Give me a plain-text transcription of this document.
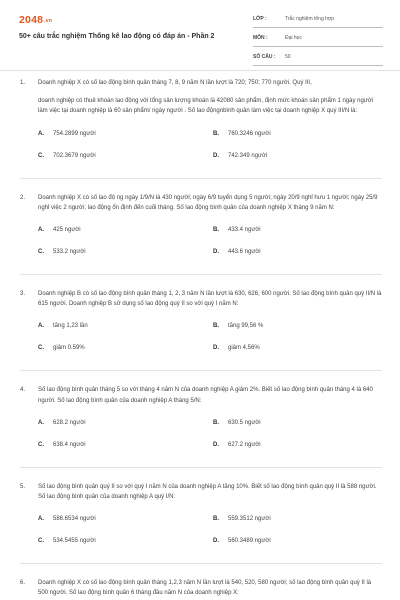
2048.vn
50+ câu trắc nghiệm Thống kê lao động có đáp án - Phần 2
LỚP :	Trắc nghiệm tổng hợp
MÔN :	Đại học
SỐ CÂU : 50
1. Doanh nghiệp X có số lao động bình quân tháng 7, 8, 9 năm N lần lượt là 720; 750; 770 người. Quý III,

doanh nghiệp có thuê khoán lao động với tổng sản lượng khoán là 42080 sản phẩm, định mức khoán sản phẩm 1 ngày người làm việc tại doanh nghiệp là 60 sản phẩm/ ngày người . Số lao độngnbình quân làm việc tại doanh nghiệp X quý III/N là:

A. 754.2899 người	B. 760.3246 người
C. 702.3679 người	D. 742.349 người
2. Doanh nghiệp X có số lao độ ng ngày 1/9/N là 430 người; ngày 6/9 tuyển dụng 5 người; ngày 20/9 nghỉ hưu 1 người; ngày 25/9 nghỉ việc 2 người; lao động ổn định đến cuối tháng. Số lao động bình quân của doanh nghiệp X tháng 9 năm N:

A. 425 người	B. 433.4 người
C. 533.2 người	D. 443.6 người
3. Doanh nghiệp B có số lao động bình quân tháng 1, 2, 3 năm N lần lượt là 630, 626, 600 người. Số lao động bình quân quý II/N là 615 người. Doanh nghiệp B sử dụng số lao động quý II so với quý I năm N:

A. tăng 1,23 lần	B. tăng 99,56 %
C. giảm 0.59%	D. giảm 4,56%
4. Số lao động bình quân tháng 5 so với tháng 4 năm N của doanh nghiệp A giảm 2%. Biết số lao động bình quân tháng 4 là 640 người. Số lao động bình quân của doanh nghiệp A tháng 5/N:

A. 628.2 người	B. 630.5 người
C. 638.4 người	D. 627.2 người
5. Số lao động bình quân quý II so với quý I năm N của doanh nghiệp A tăng 10%. Biết số lao động bình quân quý II là 588 người. Số lao động bình quân của doanh nghiệp A quý I/N:

A. 586.6534 người	B. 559.3512 người
C. 534.5455 người	D. 560.3489 người
6. Doanh nghiệp X có số lao động bình quân tháng 1,2,3 năm N lần lượt là 540, 520, 580 người; số lao động bình quân quý II là 500 người. Số lao động bình quân 6 tháng đầu năm N của doanh nghiệp X:
